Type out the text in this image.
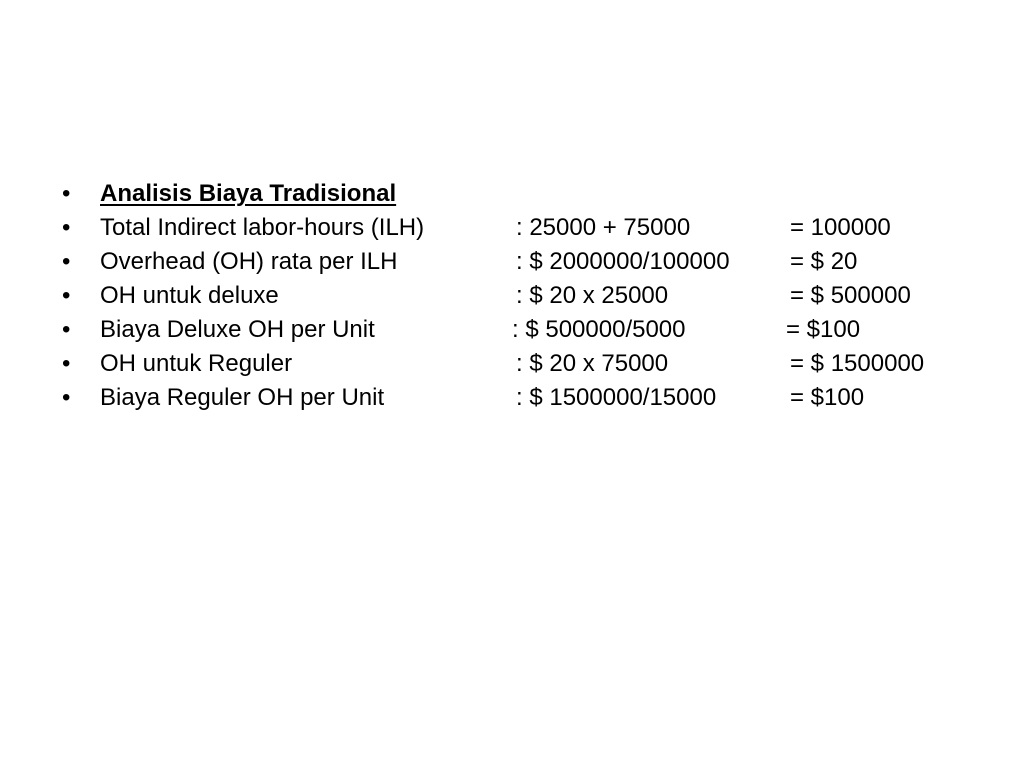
• Analisis Biaya Tradisional
• Total Indirect labor-hours (ILH)	: 25000 + 75000	= 100000
• Overhead (OH) rata per ILH	: $ 2000000/100000	= $ 20
• OH untuk deluxe	: $ 20 x 25000	= $ 500000
• Biaya Deluxe OH per Unit	: $ 500000/5000	= $100
• OH untuk Reguler	: $ 20 x 75000	= $ 1500000
• Biaya Reguler OH per Unit	: $ 1500000/15000	= $100
